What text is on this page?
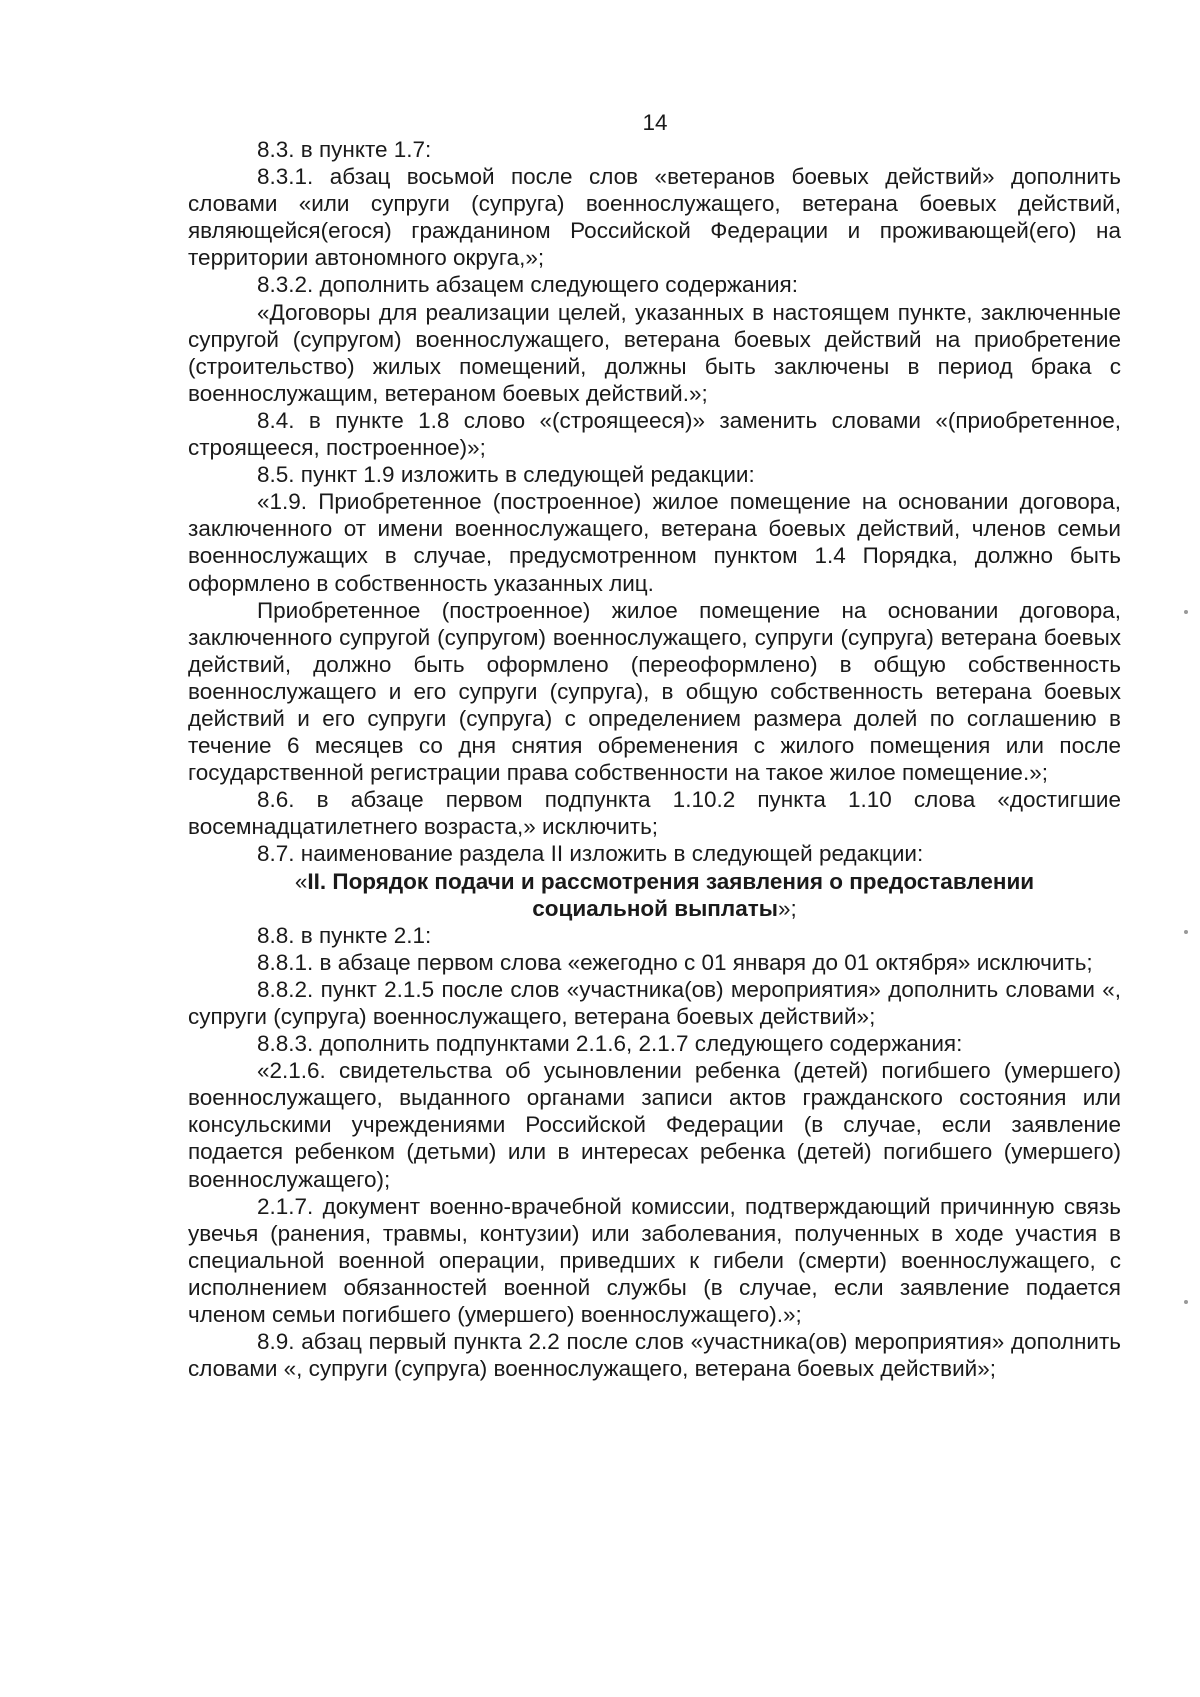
14

8.3. в пункте 1.7:

8.3.1. абзац восьмой после слов «ветеранов боевых действий» дополнить словами «или супруги (супруга) военнослужащего, ветерана боевых действий, являющейся(егося) гражданином Российской Федерации и проживающей(его) на территории автономного округа,»;

8.3.2. дополнить абзацем следующего содержания:

«Договоры для реализации целей, указанных в настоящем пункте, заключенные супругой (супругом) военнослужащего, ветерана боевых действий на приобретение (строительство) жилых помещений, должны быть заключены в период брака с военнослужащим, ветераном боевых действий.»;

8.4. в пункте 1.8 слово «(строящееся)» заменить словами «(приобретенное, строящееся, построенное)»;

8.5. пункт 1.9 изложить в следующей редакции:

«1.9. Приобретенное (построенное) жилое помещение на основании договора, заключенного от имени военнослужащего, ветерана боевых действий, членов семьи военнослужащих в случае, предусмотренном пунктом 1.4 Порядка, должно быть оформлено в собственность указанных лиц.

Приобретенное (построенное) жилое помещение на основании договора, заключенного супругой (супругом) военнослужащего, супруги (супруга) ветерана боевых действий, должно быть оформлено (переоформлено) в общую собственность военнослужащего и его супруги (супруга), в общую собственность ветерана боевых действий и его супруги (супруга) с определением размера долей по соглашению в течение 6 месяцев со дня снятия обременения с жилого помещения или после государственной регистрации права собственности на такое жилое помещение.»;

8.6. в абзаце первом подпункта 1.10.2 пункта 1.10 слова «достигшие восемнадцатилетнего возраста,» исключить;

8.7. наименование раздела II изложить в следующей редакции:

«II. Порядок подачи и рассмотрения заявления о предоставлении социальной выплаты»;

8.8. в пункте 2.1:

8.8.1. в абзаце первом слова «ежегодно с 01 января до 01 октября» исключить;

8.8.2. пункт 2.1.5 после слов «участника(ов) мероприятия» дополнить словами «, супруги (супруга) военнослужащего, ветерана боевых действий»;

8.8.3. дополнить подпунктами 2.1.6, 2.1.7 следующего содержания:

«2.1.6. свидетельства об усыновлении ребенка (детей) погибшего (умершего) военнослужащего, выданного органами записи актов гражданского состояния или консульскими учреждениями Российской Федерации (в случае, если заявление подается ребенком (детьми) или в интересах ребенка (детей) погибшего (умершего) военнослужащего);

2.1.7. документ военно-врачебной комиссии, подтверждающий причинную связь увечья (ранения, травмы, контузии) или заболевания, полученных в ходе участия в специальной военной операции, приведших к гибели (смерти) военнослужащего, с исполнением обязанностей военной службы (в случае, если заявление подается членом семьи погибшего (умершего) военнослужащего).»;

8.9. абзац первый пункта 2.2 после слов «участника(ов) мероприятия» дополнить словами «, супруги (супруга) военнослужащего, ветерана боевых действий»;
